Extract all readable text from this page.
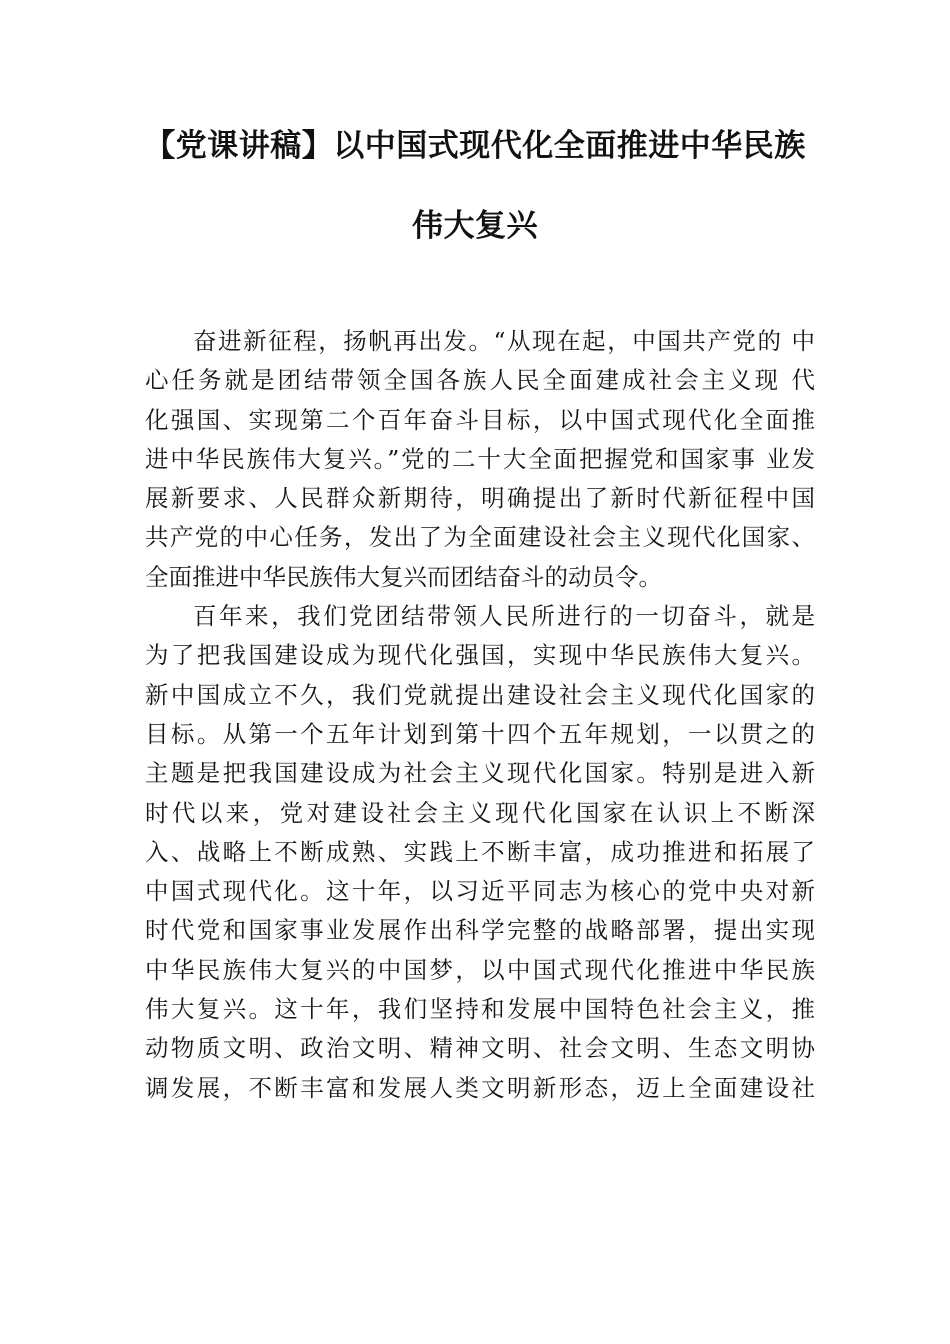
【党课讲稿】以中国式现代化全面推进中华民族
伟大复兴
奋进新征程，扬帆再出发。“从现在起，中国共产党的 中
心任务就是团结带领全国各族人民全面建成社会主义现 代
化强国、实现第二个百年奋斗目标，以中国式现代化全面推
进中华民族伟大复兴。”党的二十大全面把握党和国家事 业发
展新要求、人民群众新期待，明确提出了新时代新征程中国
共产党的中心任务，发出了为全面建设社会主义现代化国家、
全面推进中华民族伟大复兴而团结奋斗的动员令。
百年来，我们党团结带领人民所进行的一切奋斗，就是
为了把我国建设成为现代化强国，实现中华民族伟大复兴。
新中国成立不久，我们党就提出建设社会主义现代化国家的
目标。从第一个五年计划到第十四个五年规划，一以贯之的
主题是把我国建设成为社会主义现代化国家。特别是进入新
时代以来，党对建设社会主义现代化国家在认识上不断深
入、战略上不断成熟、实践上不断丰富，成功推进和拓展了
中国式现代化。这十年，以习近平同志为核心的党中央对新
时代党和国家事业发展作出科学完整的战略部署，提出实现
中华民族伟大复兴的中国梦，以中国式现代化推进中华民族
伟大复兴。这十年，我们坚持和发展中国特色社会主义，推
动物质文明、政治文明、精神文明、社会文明、生态文明协
调发展，不断丰富和发展人类文明新形态，迈上全面建设社
